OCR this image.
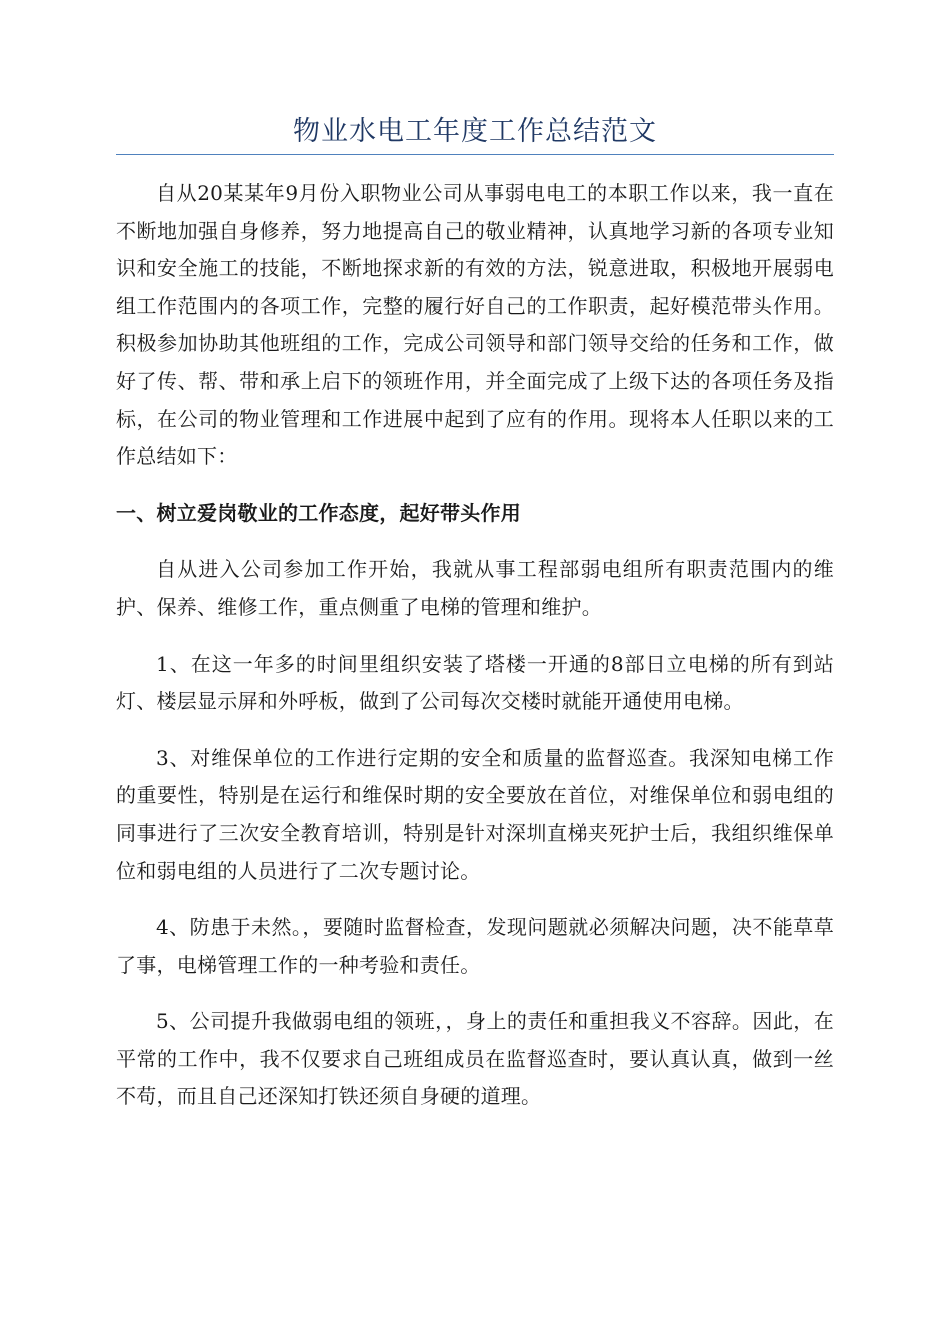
物业水电工年度工作总结范文

自从20某某年9月份入职物业公司从事弱电电工的本职工作以来，我一直在不断地加强自身修养，努力地提高自己的敬业精神，认真地学习新的各项专业知识和安全施工的技能，不断地探求新的有效的方法，锐意进取，积极地开展弱电组工作范围内的各项工作，完整的履行好自己的工作职责，起好模范带头作用。积极参加协助其他班组的工作，完成公司领导和部门领导交给的任务和工作，做好了传、帮、带和承上启下的领班作用，并全面完成了上级下达的各项任务及指标，在公司的物业管理和工作进展中起到了应有的作用。现将本人任职以来的工作总结如下：

一、树立爱岗敬业的工作态度，起好带头作用

自从进入公司参加工作开始，我就从事工程部弱电组所有职责范围内的维护、保养、维修工作，重点侧重了电梯的管理和维护。

1、在这一年多的时间里组织安装了塔楼一开通的8部日立电梯的所有到站灯、楼层显示屏和外呼板，做到了公司每次交楼时就能开通使用电梯。

3、对维保单位的工作进行定期的安全和质量的监督巡查。我深知电梯工作的重要性，特别是在运行和维保时期的安全要放在首位，对维保单位和弱电组的同事进行了三次安全教育培训，特别是针对深圳直梯夹死护士后，我组织维保单位和弱电组的人员进行了二次专题讨论。

4、防患于未然。，要随时监督检查，发现问题就必须解决问题，决不能草草了事，电梯管理工作的一种考验和责任。

5、公司提升我做弱电组的领班，，身上的责任和重担我义不容辞。因此，在平常的工作中，我不仅要求自己班组成员在监督巡查时，要认真认真，做到一丝不苟，而且自己还深知打铁还须自身硬的道理。
